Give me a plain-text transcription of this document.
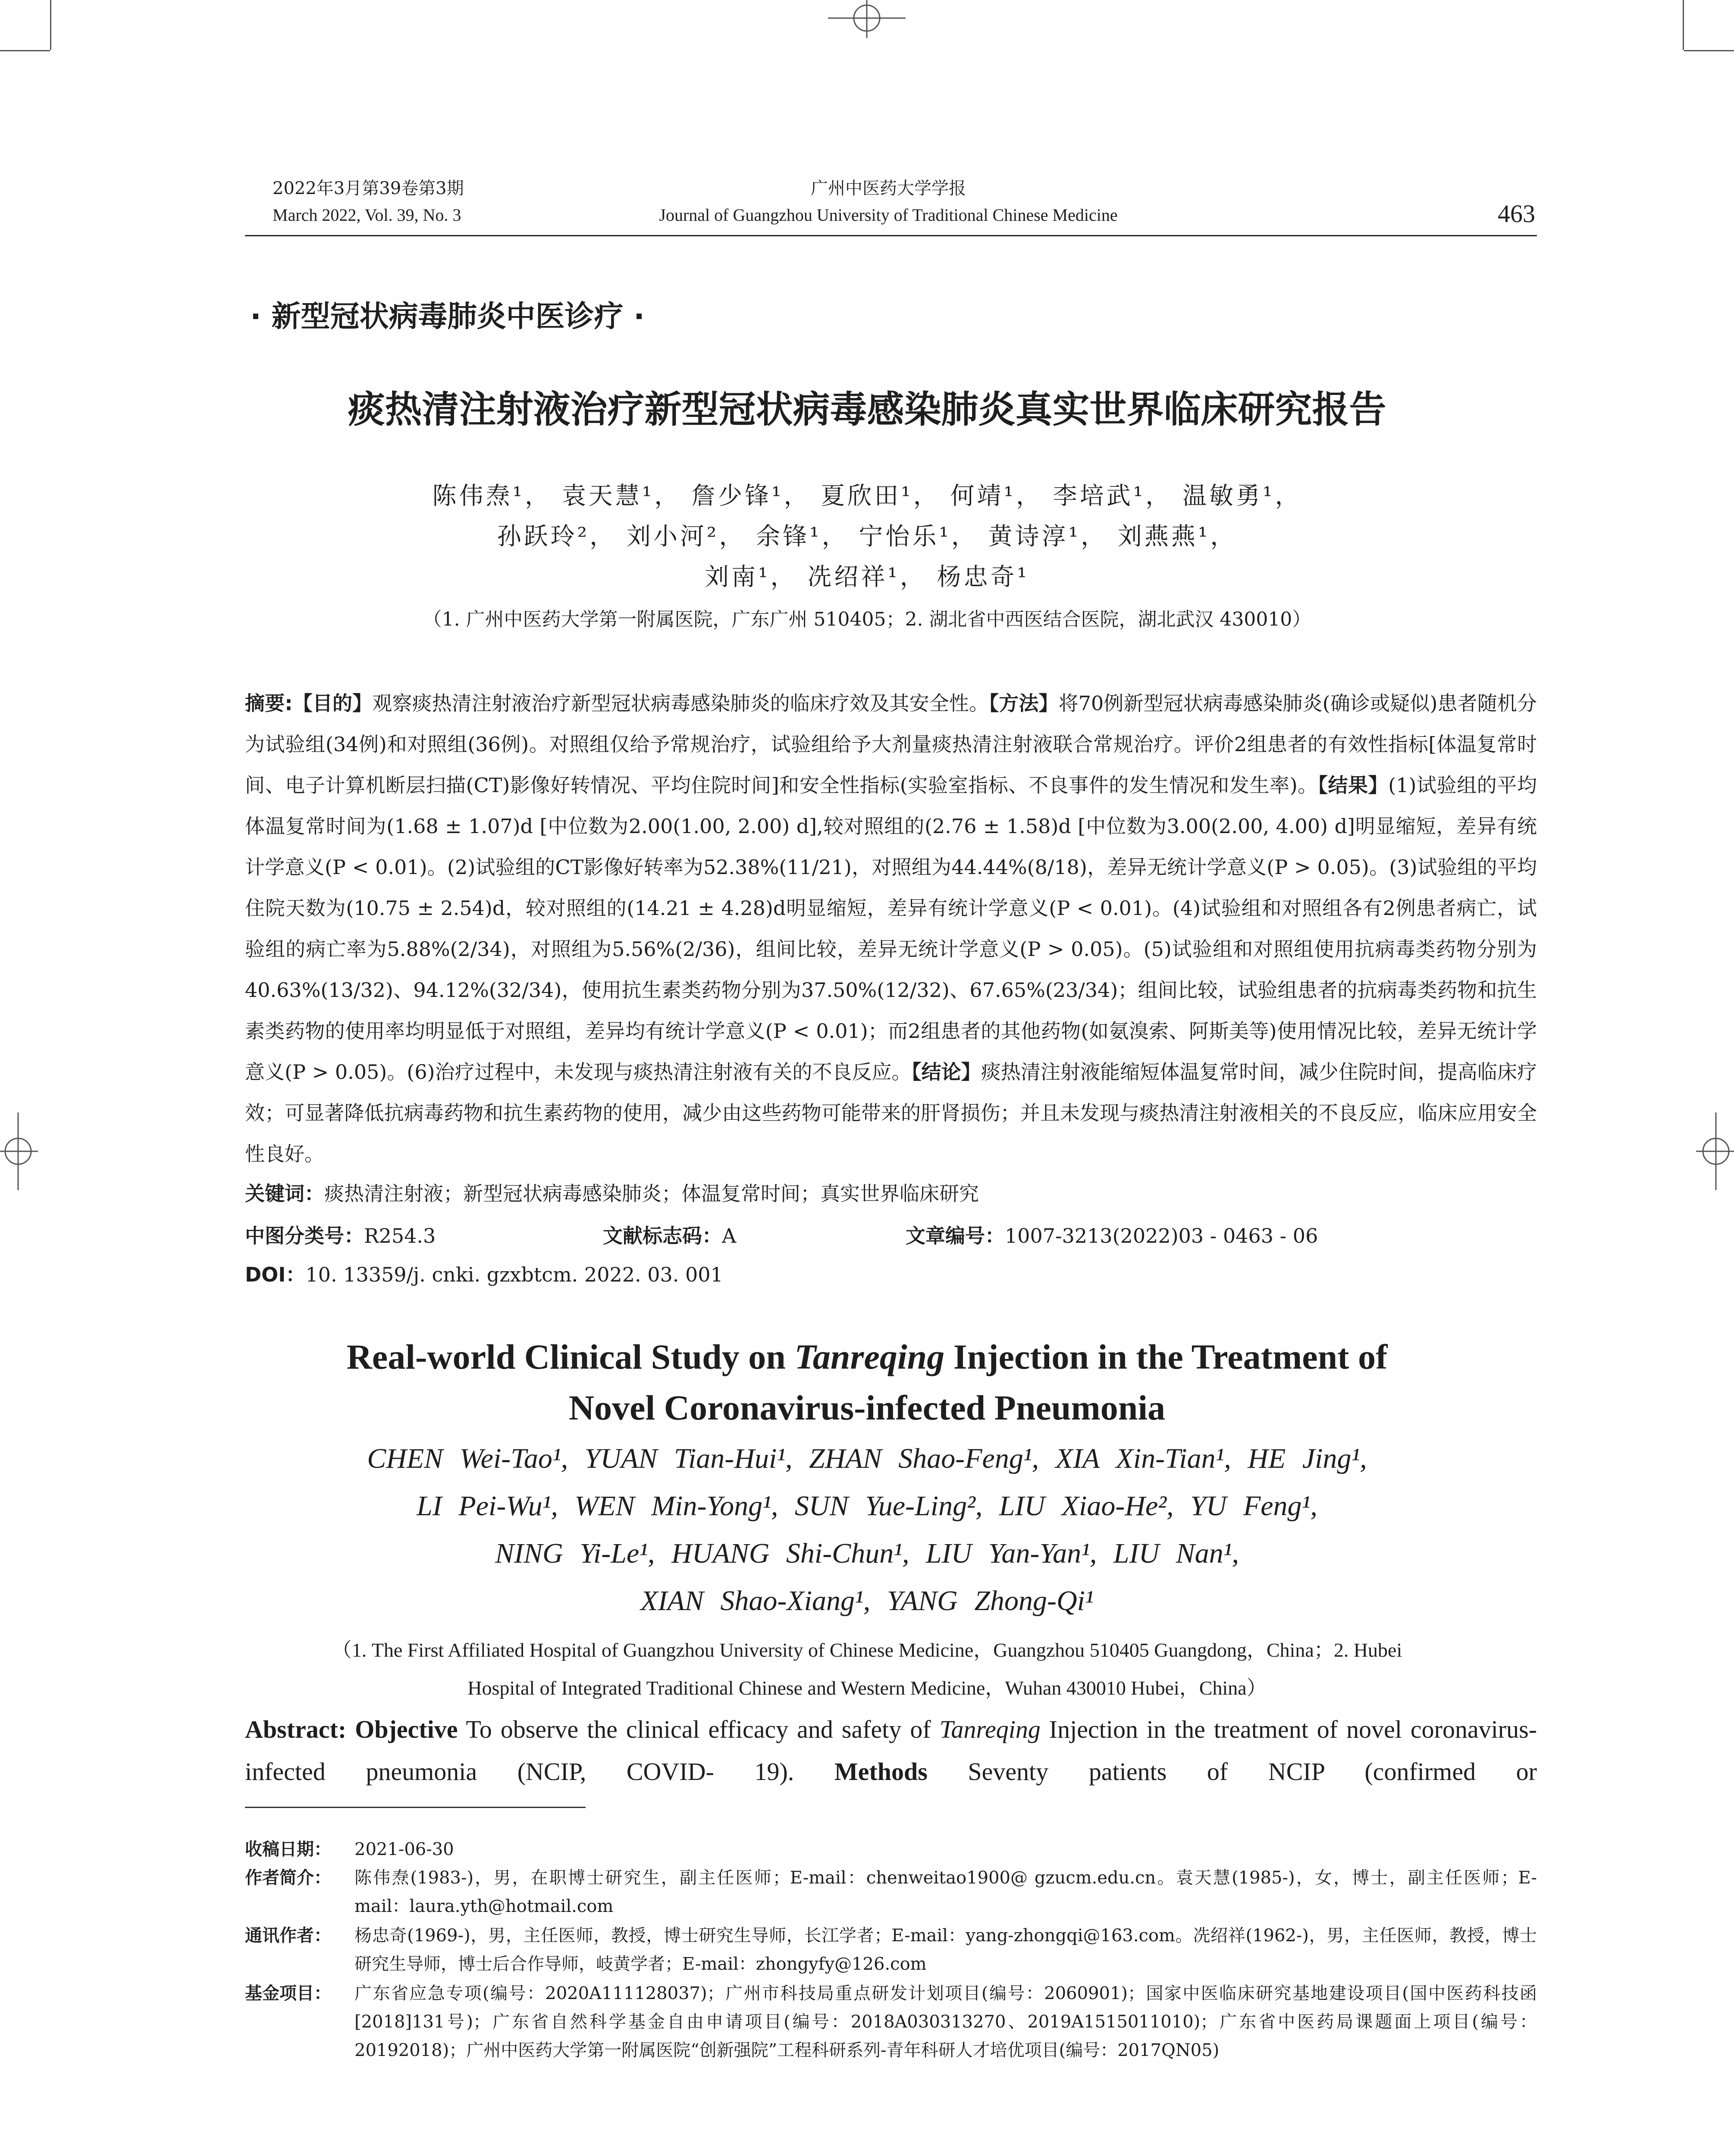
2022年3月第39卷第3期
March 2022, Vol. 39, No. 3
广州中医药大学学报
Journal of Guangzhou University of Traditional Chinese Medicine	463
· 新型冠状病毒肺炎中医诊疗 ·
痰热清注射液治疗新型冠状病毒感染肺炎真实世界临床研究报告
陈伟焘¹， 袁天慧¹， 詹少锋¹， 夏欣田¹， 何靖¹， 李培武¹， 温敏勇¹，
孙跃玲²， 刘小河²， 余锋¹， 宁怡乐¹， 黄诗淳¹， 刘燕燕¹，
刘南¹， 冼绍祥¹， 杨忠奇¹
（1. 广州中医药大学第一附属医院，广东广州 510405；2. 湖北省中西医结合医院，湖北武汉 430010）
摘要:【目的】观察痰热清注射液治疗新型冠状病毒感染肺炎的临床疗效及其安全性。【方法】将70例新型冠状病毒感染肺炎(确诊或疑似)患者随机分为试验组(34例)和对照组(36例)。对照组仅给予常规治疗，试验组给予大剂量痰热清注射液联合常规治疗。评价2组患者的有效性指标[体温复常时间、电子计算机断层扫描(CT)影像好转情况、平均住院时间]和安全性指标(实验室指标、不良事件的发生情况和发生率)。【结果】(1)试验组的平均体温复常时间为(1.68 ± 1.07)d [中位数为2.00(1.00, 2.00) d],较对照组的(2.76 ± 1.58)d [中位数为3.00(2.00, 4.00) d]明显缩短，差异有统计学意义(P < 0.01)。(2)试验组的CT影像好转率为52.38%(11/21)，对照组为44.44%(8/18)，差异无统计学意义(P > 0.05)。(3)试验组的平均住院天数为(10.75 ± 2.54)d，较对照组的(14.21 ± 4.28)d明显缩短，差异有统计学意义(P < 0.01)。(4)试验组和对照组各有2例患者病亡，试验组的病亡率为5.88%(2/34)，对照组为5.56%(2/36)，组间比较，差异无统计学意义(P > 0.05)。(5)试验组和对照组使用抗病毒类药物分别为40.63%(13/32)、94.12%(32/34)，使用抗生素类药物分别为37.50%(12/32)、67.65%(23/34)；组间比较，试验组患者的抗病毒类药物和抗生素类药物的使用率均明显低于对照组，差异均有统计学意义(P < 0.01)；而2组患者的其他药物(如氨溴索、阿斯美等)使用情况比较，差异无统计学意义(P > 0.05)。(6)治疗过程中，未发现与痰热清注射液有关的不良反应。【结论】痰热清注射液能缩短体温复常时间，减少住院时间，提高临床疗效；可显著降低抗病毒药物和抗生素药物的使用，减少由这些药物可能带来的肝肾损伤；并且未发现与痰热清注射液相关的不良反应，临床应用安全性良好。
关键词：痰热清注射液；新型冠状病毒感染肺炎；体温复常时间；真实世界临床研究
中图分类号：R254.3	文献标志码：A	文章编号：1007-3213(2022)03 - 0463 - 06
DOI：10. 13359/j. cnki. gzxbtcm. 2022. 03. 001
Real-world Clinical Study on Tanreqing Injection in the Treatment of
Novel Coronavirus-infected Pneumonia
CHEN Wei-Tao¹, YUAN Tian-Hui¹, ZHAN Shao-Feng¹, XIA Xin-Tian¹, HE Jing¹,
LI Pei-Wu¹, WEN Min-Yong¹, SUN Yue-Ling², LIU Xiao-He², YU Feng¹,
NING Yi-Le¹, HUANG Shi-Chun¹, LIU Yan-Yan¹, LIU Nan¹,
XIAN Shao-Xiang¹, YANG Zhong-Qi¹
（1. The First Affiliated Hospital of Guangzhou University of Chinese Medicine，Guangzhou 510405 Guangdong，China；2. Hubei
Hospital of Integrated Traditional Chinese and Western Medicine，Wuhan 430010 Hubei，China）
Abstract: Objective To observe the clinical efficacy and safety of Tanreqing Injection in the treatment of novel coronavirus- infected pneumonia (NCIP, COVID- 19). Methods Seventy patients of NCIP (confirmed or
收稿日期： 2021-06-30
作者简介： 陈伟焘(1983-)，男，在职博士研究生，副主任医师；E-mail：chenweitao1900@ gzucm.edu.cn。袁天慧(1985-)，女，博士，副主任医师；E-mail：laura.yth@hotmail.com
通讯作者： 杨忠奇(1969-)，男，主任医师，教授，博士研究生导师，长江学者；E-mail：yang-zhongqi@163.com。冼绍祥(1962-)，男，主任医师，教授，博士研究生导师，博士后合作导师，岐黄学者；E-mail：zhongyfy@126.com
基金项目： 广东省应急专项(编号：2020A111128037)；广州市科技局重点研发计划项目(编号：2060901)；国家中医临床研究基地建设项目(国中医药科技函[2018]131号)；广东省自然科学基金自由申请项目(编号：2018A030313270、2019A1515011010)；广东省中医药局课题面上项目(编号：20192018)；广州中医药大学第一附属医院“创新强院”工程科研系列-青年科研人才培优项目(编号：2017QN05)
